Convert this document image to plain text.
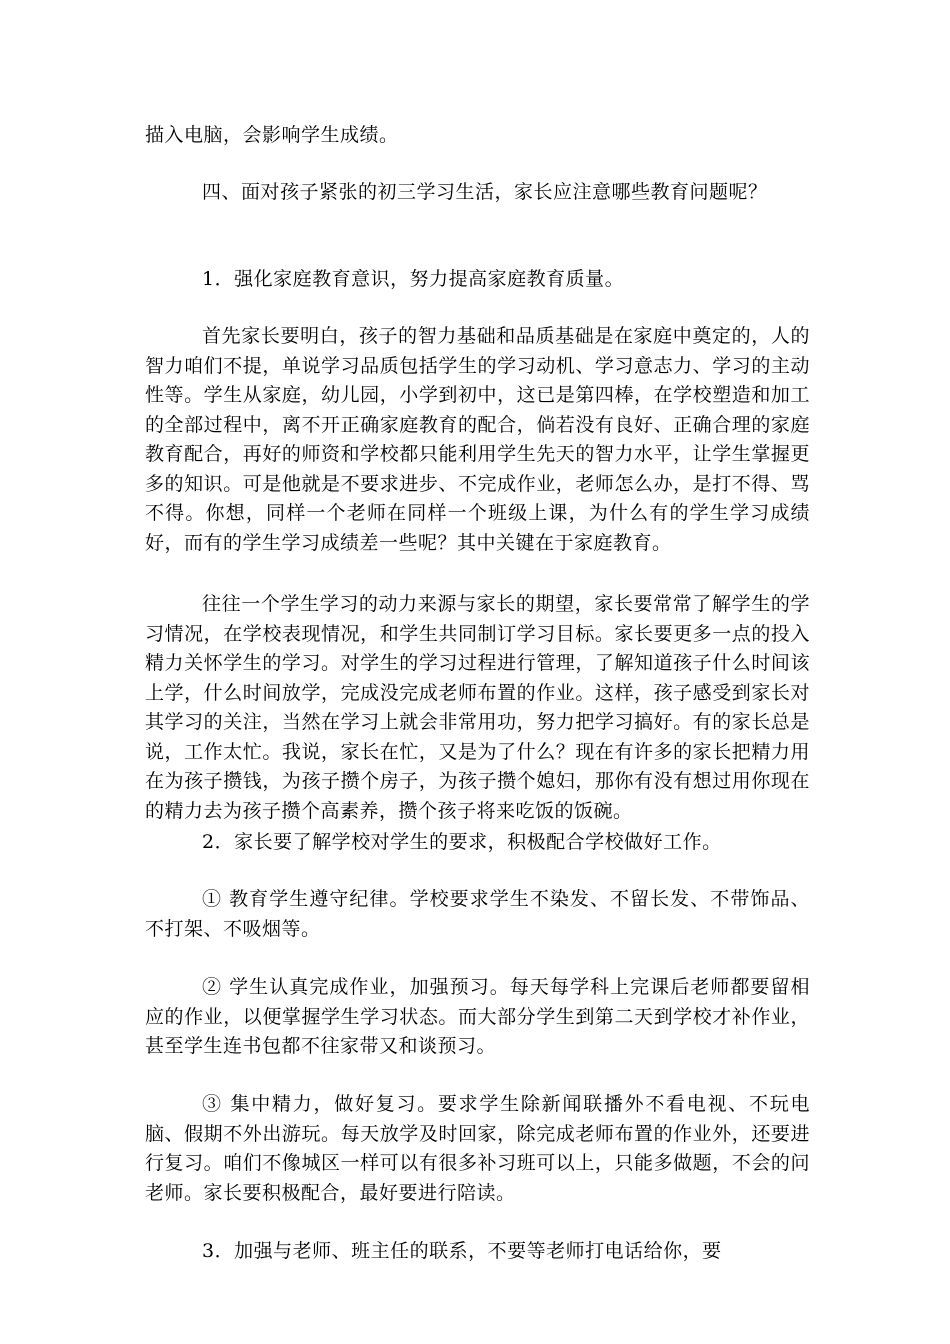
描入电脑，会影响学生成绩。

四、面对孩子紧张的初三学习生活，家长应注意哪些教育问题呢？

1．强化家庭教育意识，努力提高家庭教育质量。

首先家长要明白，孩子的智力基础和品质基础是在家庭中奠定的，人的智力咱们不提，单说学习品质包括学生的学习动机、学习意志力、学习的主动性等。学生从家庭，幼儿园，小学到初中，这已是第四棒，在学校塑造和加工的全部过程中，离不开正确家庭教育的配合，倘若没有良好、正确合理的家庭教育配合，再好的师资和学校都只能利用学生先天的智力水平，让学生掌握更多的知识。可是他就是不要求进步、不完成作业，老师怎么办，是打不得、骂不得。你想，同样一个老师在同样一个班级上课，为什么有的学生学习成绩好，而有的学生学习成绩差一些呢？其中关键在于家庭教育。

往往一个学生学习的动力来源与家长的期望，家长要常常了解学生的学习情况，在学校表现情况，和学生共同制订学习目标。家长要更多一点的投入精力关怀学生的学习。对学生的学习过程进行管理，了解知道孩子什么时间该上学，什么时间放学，完成没完成老师布置的作业。这样，孩子感受到家长对其学习的关注，当然在学习上就会非常用功，努力把学习搞好。有的家长总是说，工作太忙。我说，家长在忙，又是为了什么？现在有许多的家长把精力用在为孩子攒钱，为孩子攒个房子，为孩子攒个媳妇，那你有没有想过用你现在的精力去为孩子攒个高素养，攒个孩子将来吃饭的饭碗。

2．家长要了解学校对学生的要求，积极配合学校做好工作。

① 教育学生遵守纪律。学校要求学生不染发、不留长发、不带饰品、不打架、不吸烟等。

② 学生认真完成作业，加强预习。每天每学科上完课后老师都要留相应的作业，以便掌握学生学习状态。而大部分学生到第二天到学校才补作业，甚至学生连书包都不往家带又和谈预习。

③ 集中精力，做好复习。要求学生除新闻联播外不看电视、不玩电脑、假期不外出游玩。每天放学及时回家，除完成老师布置的作业外，还要进行复习。咱们不像城区一样可以有很多补习班可以上，只能多做题，不会的问老师。家长要积极配合，最好要进行陪读。

3．加强与老师、班主任的联系，不要等老师打电话给你，要
